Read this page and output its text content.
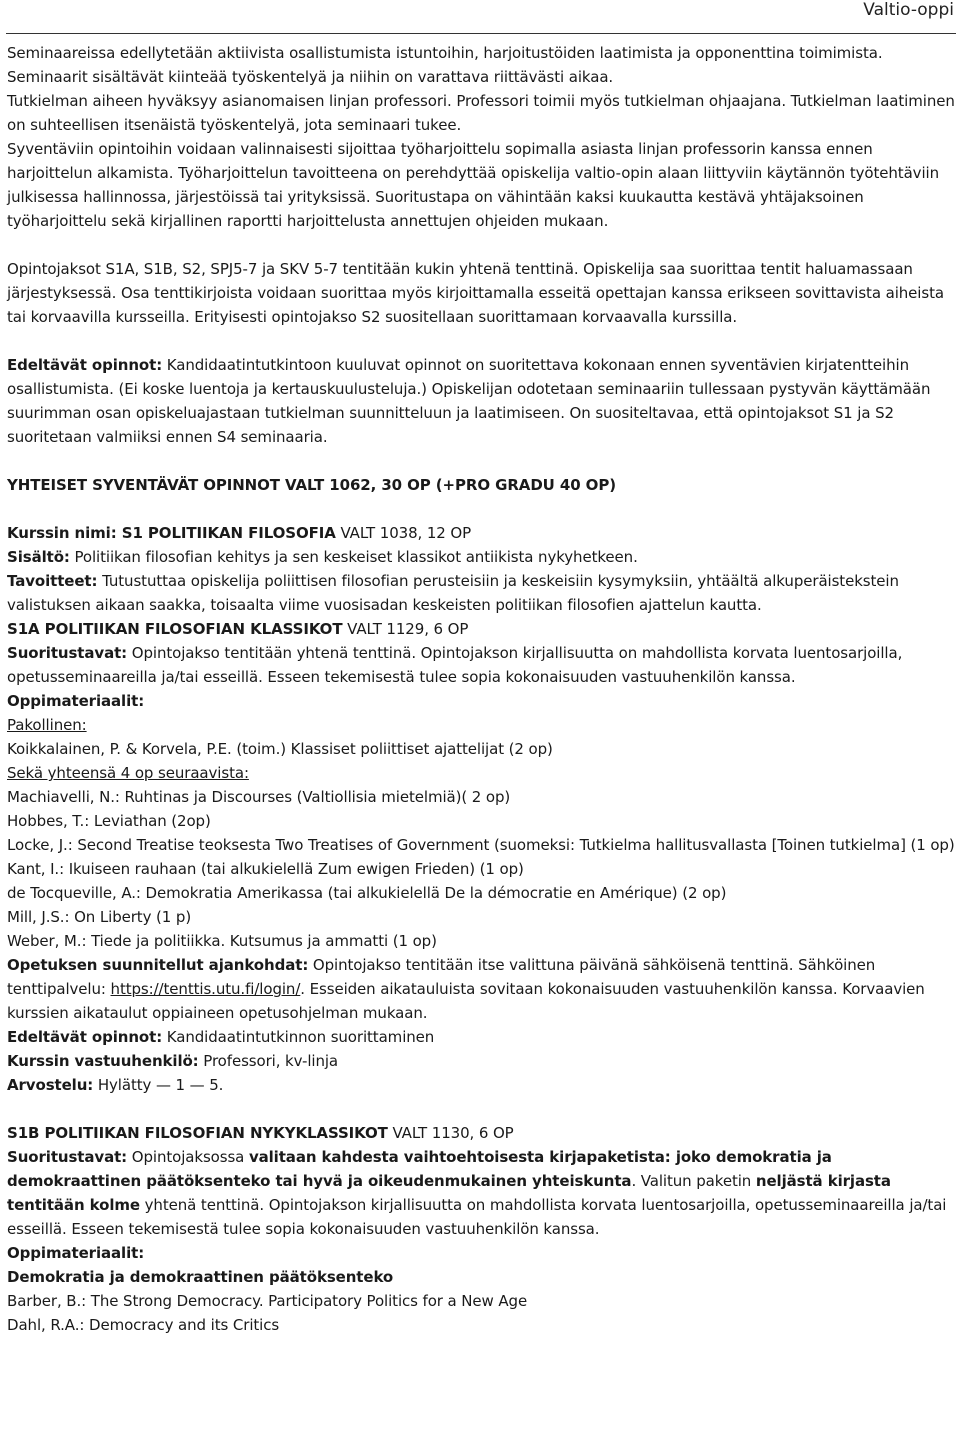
Valtio-oppi

Seminaareissa edellytetään aktiivista osallistumista istuntoihin, harjoitustöiden laatimista ja opponenttina toimimista. Seminaarit sisältävät kiinteää työskentelyä ja niihin on varattava riittävästi aikaa.

Tutkielman aiheen hyväksyy asianomaisen linjan professori. Professori toimii myös tutkielman ohjaajana. Tutkielman laatiminen on suhteellisen itsenäistä työskentelyä, jota seminaari tukee.

Syventäviin opintoihin voidaan valinnaisesti sijoittaa työharjoittelu sopimalla asiasta linjan professorin kanssa ennen harjoittelun alkamista. Työharjoittelun tavoitteena on perehdyttää opiskelija valtio-opin alaan liittyviin käytännön työtehtäviin julkisessa hallinnossa, järjestöissä tai yrityksissä. Suoritustapa on vähintään kaksi kuukautta kestävä yhtäjaksoinen työharjoittelu sekä kirjallinen raportti harjoittelusta annettujen ohjeiden mukaan.

Opintojaksot S1A, S1B, S2, SPJ5-7 ja SKV 5-7 tentitään kukin yhtenä tenttinä. Opiskelija saa suorittaa tentit haluamassaan järjestyksessä. Osa tenttikirjoista voidaan suorittaa myös kirjoittamalla esseitä opettajan kanssa erikseen sovittavista aiheista tai korvaavilla kursseilla. Erityisesti opintojakso S2 suositellaan suorittamaan korvaavalla kurssilla.

Edeltävät opinnot: Kandidaatintutkintoon kuuluvat opinnot on suoritettava kokonaan ennen syventävien kirjatentteihin osallistumista. (Ei koske luentoja ja kertauskuulusteluja.) Opiskelijan odotetaan seminaariin tullessaan pystyvän käyttämään suurimman osan opiskeluajastaan tutkielman suunnitteluun ja laatimiseen. On suositeltavaa, että opintojaksot S1 ja S2 suoritetaan valmiiksi ennen S4 seminaaria.

YHTEISET SYVENTÄVÄT OPINNOT VALT 1062, 30 OP (+PRO GRADU 40 OP)

Kurssin nimi: S1 POLITIIKAN FILOSOFIA VALT 1038, 12 OP

Sisältö: Politiikan filosofian kehitys ja sen keskeiset klassikot antiikista nykyhetkeen.

Tavoitteet: Tutustuttaa opiskelija poliittisen filosofian perusteisiin ja keskeisiin kysymyksiin, yhtäältä alkuperäistekstein valistuksen aikaan saakka, toisaalta viime vuosisadan keskeisten politiikan filosofien ajattelun kautta.

S1A POLITIIKAN FILOSOFIAN KLASSIKOT VALT 1129, 6 OP

Suoritustavat: Opintojakso tentitään yhtenä tenttinä. Opintojakson kirjallisuutta on mahdollista korvata luentosarjoilla, opetusseminaareilla ja/tai esseillä. Esseen tekemisestä tulee sopia kokonaisuuden vastuuhenkilön kanssa.

Oppimateriaalit:

Pakollinen:

Koikkalainen, P. & Korvela, P.E. (toim.) Klassiset poliittiset ajattelijat (2 op)

Sekä yhteensä 4 op seuraavista:

Machiavelli, N.: Ruhtinas ja Discourses (Valtiollisia mietelmiä)( 2 op)

Hobbes, T.: Leviathan (2op)

Locke, J.: Second Treatise teoksesta Two Treatises of Government (suomeksi: Tutkielma hallitusvallasta [Toinen tutkielma] (1 op)

Kant, I.: Ikuiseen rauhaan (tai alkukielellä Zum ewigen Frieden) (1 op)

de Tocqueville, A.: Demokratia Amerikassa (tai alkukielellä De la démocratie en Amérique) (2 op)

Mill, J.S.: On Liberty (1 p)

Weber, M.: Tiede ja politiikka. Kutsumus ja ammatti (1 op)

Opetuksen suunnitellut ajankohdat: Opintojakso tentitään itse valittuna päivänä sähköisenä tenttinä. Sähköinen tenttipalvelu: https://tenttis.utu.fi/login/. Esseiden aikatauluista sovitaan kokonaisuuden vastuuhenkilön kanssa. Korvaavien kurssien aikataulut oppiaineen opetusohjelman mukaan.

Edeltävät opinnot: Kandidaatintutkinnon suorittaminen

Kurssin vastuuhenkilö: Professori, kv-linja

Arvostelu: Hylätty — 1 — 5.

S1B POLITIIKAN FILOSOFIAN NYKYKLASSIKOT VALT 1130, 6 OP

Suoritustavat: Opintojaksossa valitaan kahdesta vaihtoehtoisesta kirjapaketista: joko demokratia ja demokraattinen päätöksenteko tai hyvä ja oikeudenmukainen yhteiskunta. Valitun paketin neljästä kirjasta tentitään kolme yhtenä tenttinä. Opintojakson kirjallisuutta on mahdollista korvata luentosarjoilla, opetusseminaareilla ja/tai esseillä. Esseen tekemisestä tulee sopia kokonaisuuden vastuuhenkilön kanssa.

Oppimateriaalit:

Demokratia ja demokraattinen päätöksenteko

Barber, B.: The Strong Democracy. Participatory Politics for a New Age

Dahl, R.A.: Democracy and its Critics
